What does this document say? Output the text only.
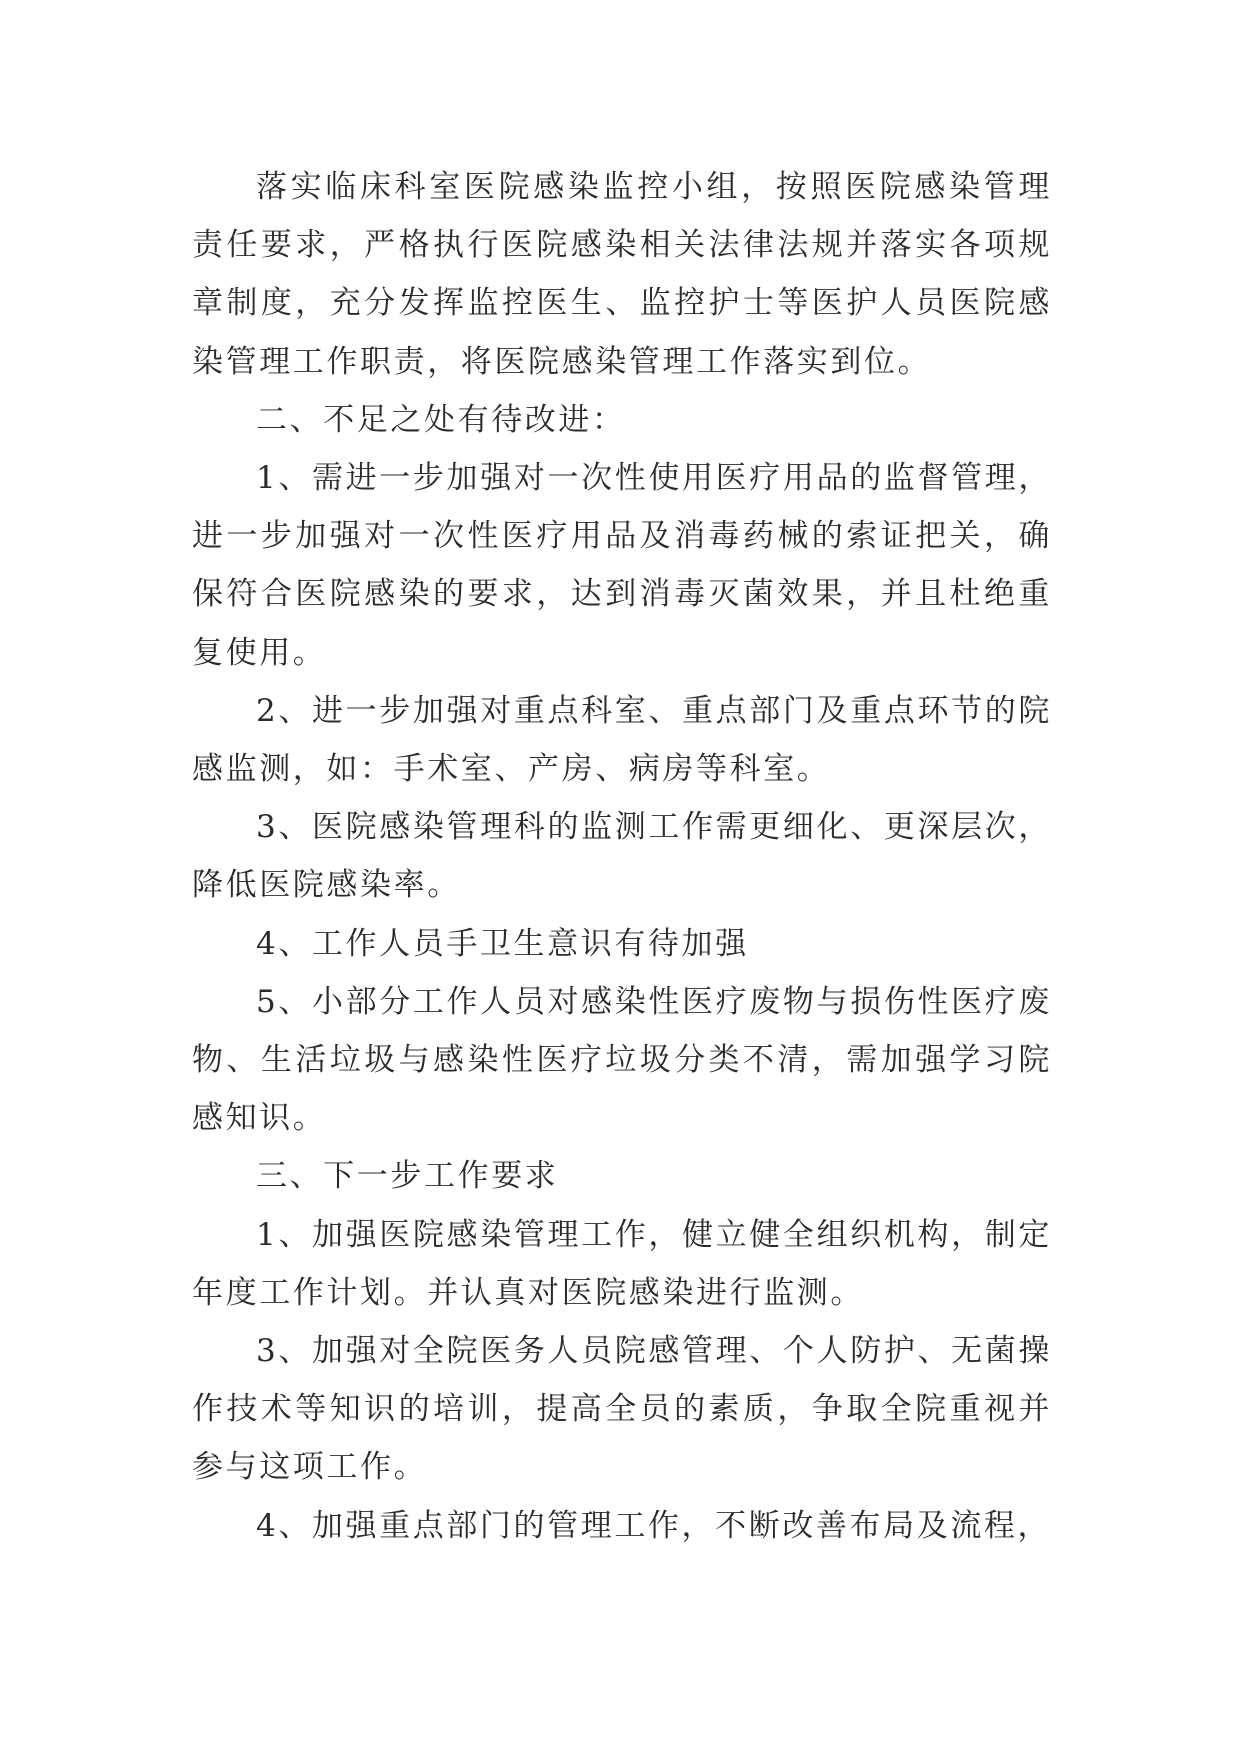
落实临床科室医院感染监控小组，按照医院感染管理责任要求，严格执行医院感染相关法律法规并落实各项规章制度，充分发挥监控医生、监控护士等医护人员医院感染管理工作职责，将医院感染管理工作落实到位。

二、不足之处有待改进：

1、需进一步加强对一次性使用医疗用品的监督管理，进一步加强对一次性医疗用品及消毒药械的索证把关，确保符合医院感染的要求，达到消毒灭菌效果，并且杜绝重复使用。

2、进一步加强对重点科室、重点部门及重点环节的院感监测，如：手术室、产房、病房等科室。

3、医院感染管理科的监测工作需更细化、更深层次，降低医院感染率。

4、工作人员手卫生意识有待加强

5、小部分工作人员对感染性医疗废物与损伤性医疗废物、生活垃圾与感染性医疗垃圾分类不清，需加强学习院感知识。

三、下一步工作要求

1、加强医院感染管理工作，健立健全组织机构，制定年度工作计划。并认真对医院感染进行监测。

3、加强对全院医务人员院感管理、个人防护、无菌操作技术等知识的培训，提高全员的素质，争取全院重视并参与这项工作。

4、加强重点部门的管理工作，不断改善布局及流程，
